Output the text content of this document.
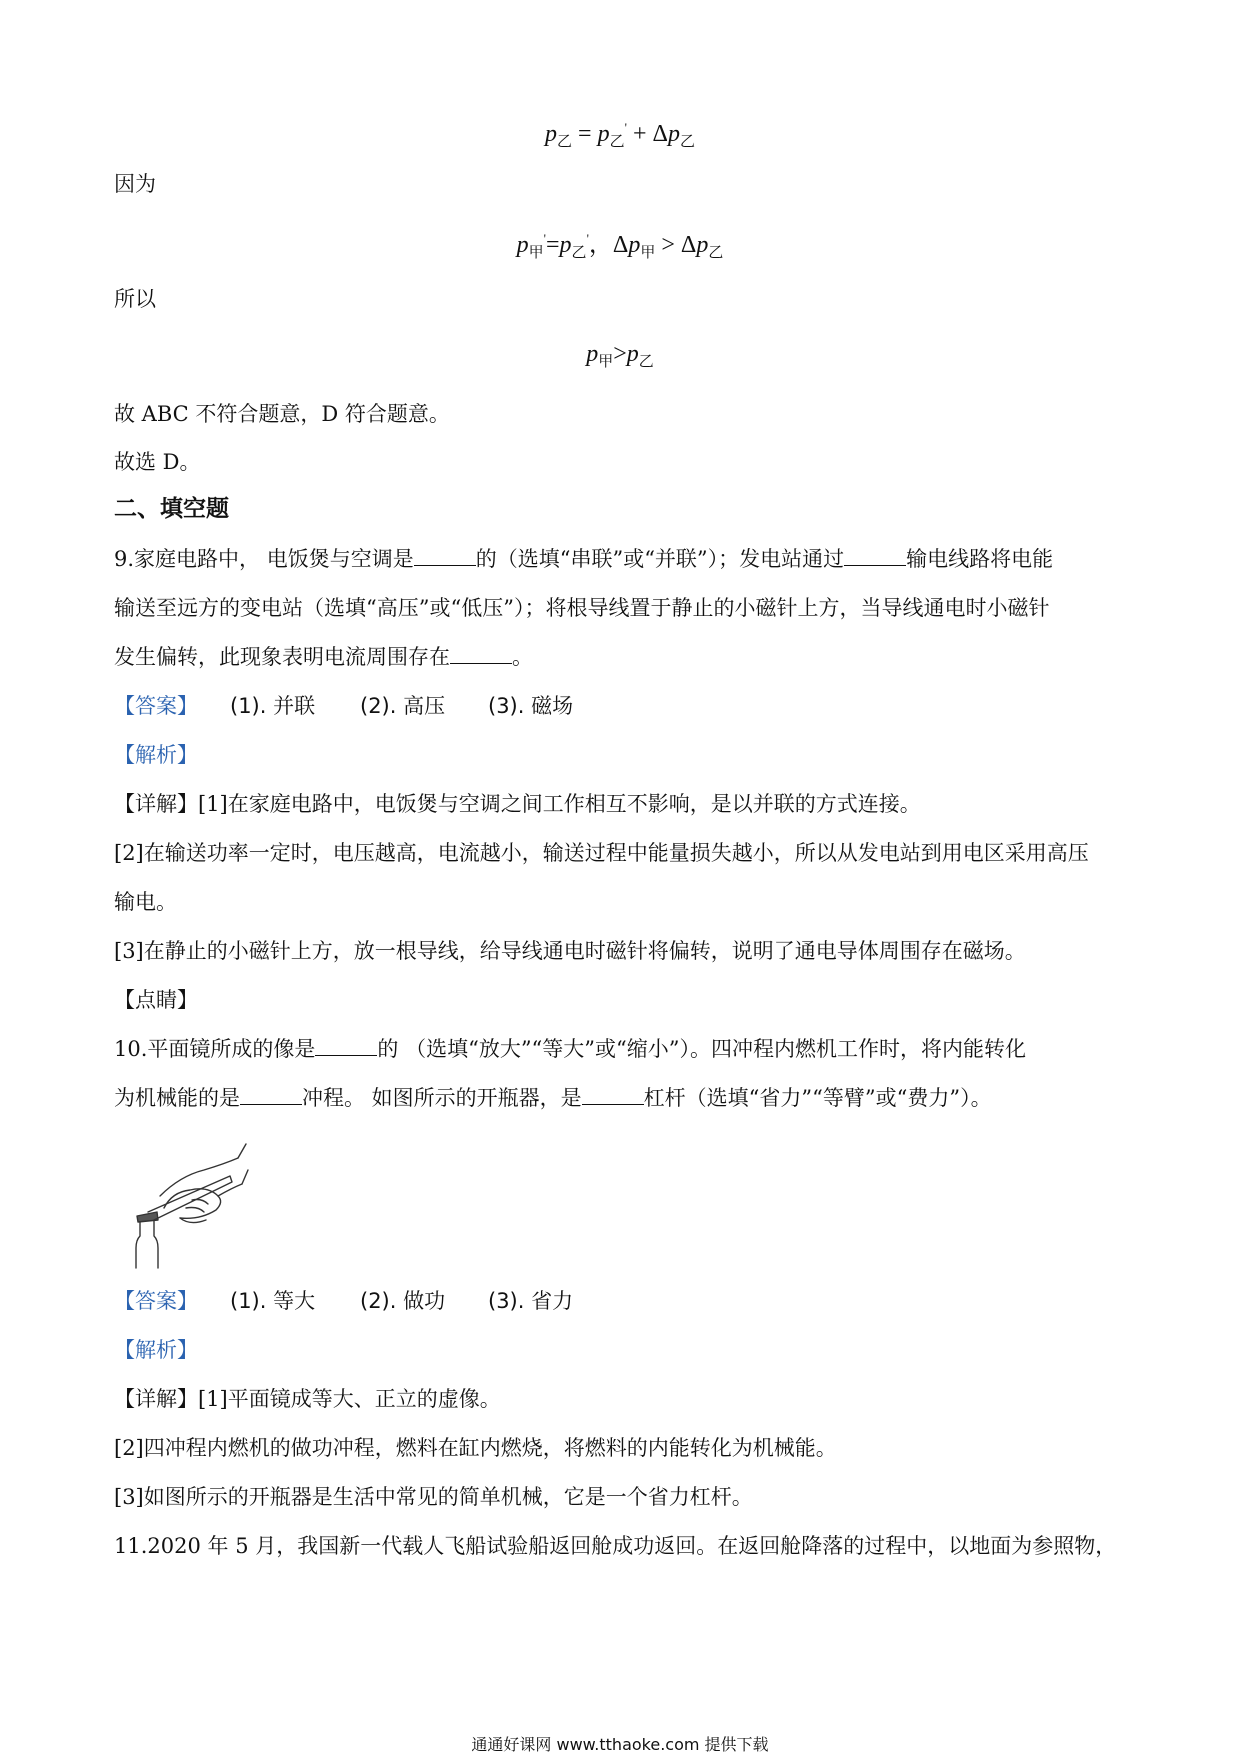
$p_乙 = p_乙' + \Delta p_乙$
因为
$p_甲'=p_乙'$，$\Delta p_甲 > \Delta p_乙$
所以
$p_甲>p_乙$
故 ABC 不符合题意，D 符合题意。
故选 D。
二、填空题
9.家庭电路中， 电饭煲与空调是	的（选填“串联”或“并联”）；发电站通过	输电线路将电能
输送至远方的变电站（选填“高压”或“低压”）；将根导线置于静止的小磁针上方，当导线通电时小磁针
发生偏转，此现象表明电流周围存在	。
【答案】 (1). 并联 (2). 高压 (3). 磁场
【解析】
【详解】[1]在家庭电路中，电饭煲与空调之间工作相互不影响，是以并联的方式连接。
[2]在输送功率一定时，电压越高，电流越小，输送过程中能量损失越小，所以从发电站到用电区采用高压
输电。
[3]在静止的小磁针上方，放一根导线，给导线通电时磁针将偏转，说明了通电导体周围存在磁场。
【点睛】
10.平面镜所成的像是	的 （选填“放大”“等大”或“缩小”）。四冲程内燃机工作时，将内能转化
为机械能的是	冲程。 如图所示的开瓶器，是	杠杆（选填“省力”“等臂”或“费力”）。
【答案】 (1). 等大 (2). 做功 (3). 省力
【解析】
【详解】[1]平面镜成等大、正立的虚像。
[2]四冲程内燃机的做功冲程，燃料在缸内燃烧，将燃料的内能转化为机械能。
[3]如图所示的开瓶器是生活中常见的简单机械，它是一个省力杠杆。
11.2020 年 5 月，我国新一代载人飞船试验船返回舱成功返回。在返回舱降落的过程中，以地面为参照物，
通通好课网 www.tthaoke.com 提供下载
